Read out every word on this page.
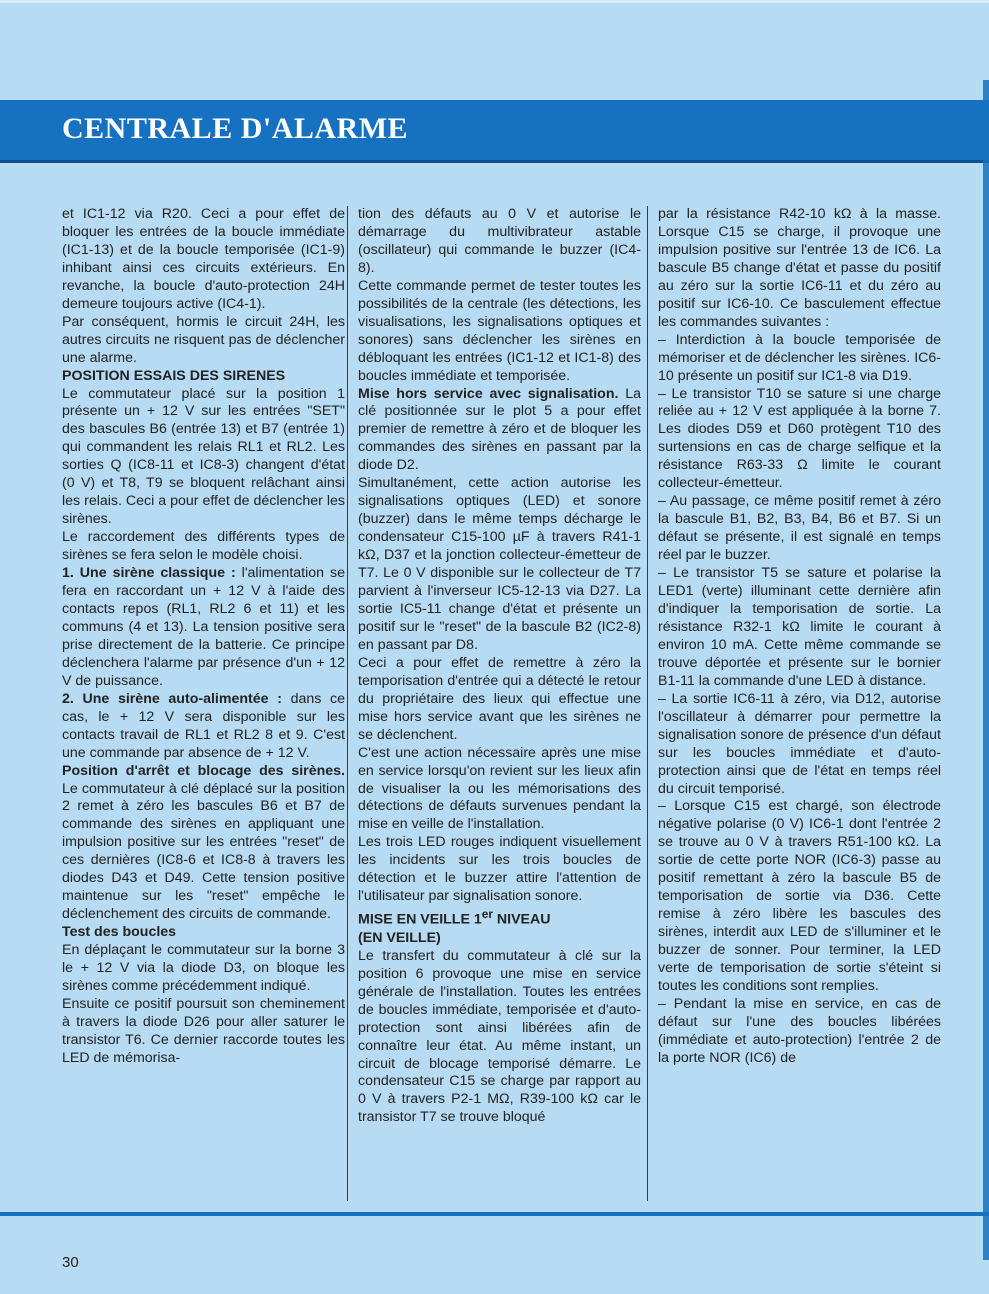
CENTRALE D'ALARME

et IC1-12 via R20. Ceci a pour effet de bloquer les entrées de la boucle immédiate (IC1-13) et de la boucle temporisée (IC1-9) inhibant ainsi ces circuits extérieurs. En revanche, la boucle d'auto-protection 24H demeure toujours active (IC4-1).

Par conséquent, hormis le circuit 24H, les autres circuits ne risquent pas de déclencher une alarme.

POSITION ESSAIS DES SIRENES

Le commutateur placé sur la position 1 présente un + 12 V sur les entrées "SET" des bascules B6 (entrée 13) et B7 (entrée 1) qui commandent les relais RL1 et RL2. Les sorties Q (IC8-11 et IC8-3) changent d'état (0 V) et T8, T9 se bloquent relâchant ainsi les relais. Ceci a pour effet de déclencher les sirènes.

Le raccordement des différents types de sirènes se fera selon le modèle choisi.

1. Une sirène classique : l'alimentation se fera en raccordant un + 12 V à l'aide des contacts repos (RL1, RL2 6 et 11) et les communs (4 et 13). La tension positive sera prise directement de la batterie. Ce principe déclenchera l'alarme par présence d'un + 12 V de puissance.

2. Une sirène auto-alimentée : dans ce cas, le + 12 V sera disponible sur les contacts travail de RL1 et RL2 8 et 9. C'est une commande par absence de + 12 V.

Position d'arrêt et blocage des sirènes. Le commutateur à clé déplacé sur la position 2 remet à zéro les bascules B6 et B7 de commande des sirènes en appliquant une impulsion positive sur les entrées "reset" de ces dernières (IC8-6 et IC8-8 à travers les diodes D43 et D49. Cette tension positive maintenue sur les "reset" empêche le déclenchement des circuits de commande.

Test des boucles

En déplaçant le commutateur sur la borne 3 le + 12 V via la diode D3, on bloque les sirènes comme précédemment indiqué.

Ensuite ce positif poursuit son cheminement à travers la diode D26 pour aller saturer le transistor T6. Ce dernier raccorde toutes les LED de mémorisa-

tion des défauts au 0 V et autorise le démarrage du multivibrateur astable (oscillateur) qui commande le buzzer (IC4-8).

Cette commande permet de tester toutes les possibilités de la centrale (les détections, les visualisations, les signalisations optiques et sonores) sans déclencher les sirènes en débloquant les entrées (IC1-12 et IC1-8) des boucles immédiate et temporisée.

Mise hors service avec signalisation. La clé positionnée sur le plot 5 a pour effet premier de remettre à zéro et de bloquer les commandes des sirènes en passant par la diode D2.

Simultanément, cette action autorise les signalisations optiques (LED) et sonore (buzzer) dans le même temps décharge le condensateur C15-100 µF à travers R41-1 kΩ, D37 et la jonction collecteur-émetteur de T7. Le 0 V disponible sur le collecteur de T7 parvient à l'inverseur IC5-12-13 via D27. La sortie IC5-11 change d'état et présente un positif sur le "reset" de la bascule B2 (IC2-8) en passant par D8.

Ceci a pour effet de remettre à zéro la temporisation d'entrée qui a détecté le retour du propriétaire des lieux qui effectue une mise hors service avant que les sirènes ne se déclenchent.

C'est une action nécessaire après une mise en service lorsqu'on revient sur les lieux afin de visualiser la ou les mémorisations des détections de défauts survenues pendant la mise en veille de l'installation.

Les trois LED rouges indiquent visuellement les incidents sur les trois boucles de détection et le buzzer attire l'attention de l'utilisateur par signalisation sonore.

MISE EN VEILLE 1er NIVEAU
(EN VEILLE)

Le transfert du commutateur à clé sur la position 6 provoque une mise en service générale de l'installation. Toutes les entrées de boucles immédiate, temporisée et d'auto-protection sont ainsi libérées afin de connaître leur état. Au même instant, un circuit de blocage temporisé démarre. Le condensateur C15 se charge par rapport au 0 V à travers P2-1 MΩ, R39-100 kΩ car le transistor T7 se trouve bloqué

par la résistance R42-10 kΩ à la masse. Lorsque C15 se charge, il provoque une impulsion positive sur l'entrée 13 de IC6. La bascule B5 change d'état et passe du positif au zéro sur la sortie IC6-11 et du zéro au positif sur IC6-10. Ce basculement effectue les commandes suivantes :

– Interdiction à la boucle temporisée de mémoriser et de déclencher les sirènes. IC6-10 présente un positif sur IC1-8 via D19.

– Le transistor T10 se sature si une charge reliée au + 12 V est appliquée à la borne 7. Les diodes D59 et D60 protègent T10 des surtensions en cas de charge selfique et la résistance R63-33 Ω limite le courant collecteur-émetteur.

– Au passage, ce même positif remet à zéro la bascule B1, B2, B3, B4, B6 et B7. Si un défaut se présente, il est signalé en temps réel par le buzzer.

– Le transistor T5 se sature et polarise la LED1 (verte) illuminant cette dernière afin d'indiquer la temporisation de sortie. La résistance R32-1 kΩ limite le courant à environ 10 mA. Cette même commande se trouve déportée et présente sur le bornier B1-11 la commande d'une LED à distance.

– La sortie IC6-11 à zéro, via D12, autorise l'oscillateur à démarrer pour permettre la signalisation sonore de présence d'un défaut sur les boucles immédiate et d'auto-protection ainsi que de l'état en temps réel du circuit temporisé.

– Lorsque C15 est chargé, son électrode négative polarise (0 V) IC6-1 dont l'entrée 2 se trouve au 0 V à travers R51-100 kΩ. La sortie de cette porte NOR (IC6-3) passe au positif remettant à zéro la bascule B5 de temporisation de sortie via D36. Cette remise à zéro libère les bascules des sirènes, interdit aux LED de s'illuminer et le buzzer de sonner. Pour terminer, la LED verte de temporisation de sortie s'éteint si toutes les conditions sont remplies.

– Pendant la mise en service, en cas de défaut sur l'une des boucles libérées (immédiate et auto-protection) l'entrée 2 de la porte NOR (IC6) de

30
